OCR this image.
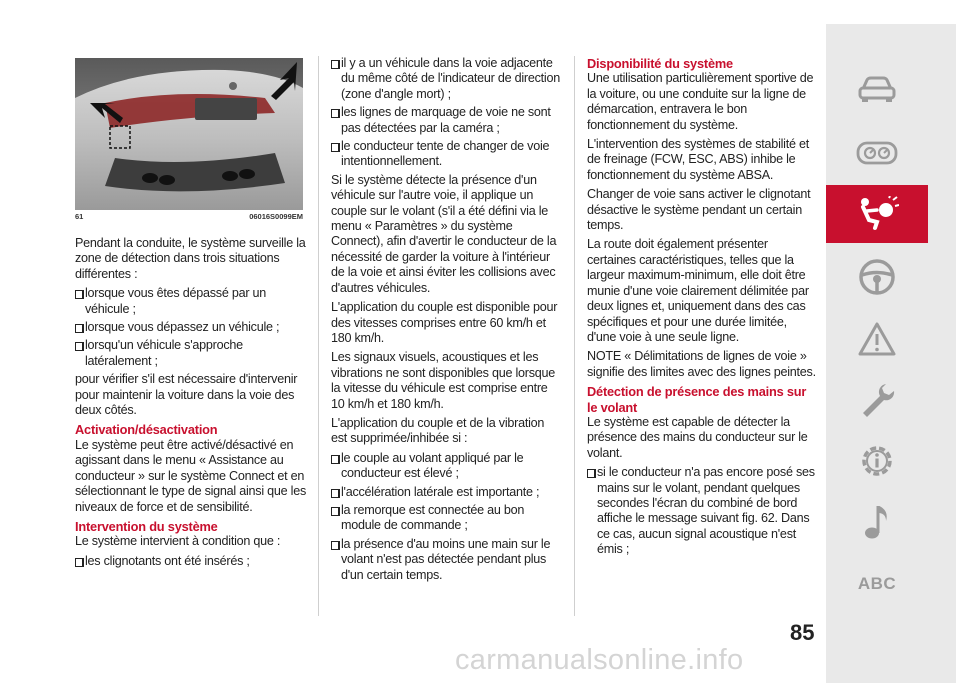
61	06016S0099EM

Pendant la conduite, le système surveille la zone de détection dans trois situations différentes :

lorsque vous êtes dépassé par un véhicule ;
lorsque vous dépassez un véhicule ;
lorsqu'un véhicule s'approche latéralement ;

pour vérifier s'il est nécessaire d'intervenir pour maintenir la voiture dans la voie des deux côtés.

Activation/désactivation

Le système peut être activé/désactivé en agissant dans le menu « Assistance au conducteur » sur le système Connect et en sélectionnant le type de signal ainsi que les niveaux de force et de sensibilité.

Intervention du système

Le système intervient à condition que :

les clignotants ont été insérés ;
il y a un véhicule dans la voie adjacente du même côté de l'indicateur de direction (zone d'angle mort) ;
les lignes de marquage de voie ne sont pas détectées par la caméra ;
le conducteur tente de changer de voie intentionnellement.

Si le système détecte la présence d'un véhicule sur l'autre voie, il applique un couple sur le volant (s'il a été défini via le menu « Paramètres » du système Connect), afin d'avertir le conducteur de la nécessité de garder la voiture à l'intérieur de la voie et ainsi éviter les collisions avec d'autres véhicules.

L'application du couple est disponible pour des vitesses comprises entre 60 km/h et 180 km/h.

Les signaux visuels, acoustiques et les vibrations ne sont disponibles que lorsque la vitesse du véhicule est comprise entre 10 km/h et 180 km/h.

L'application du couple et de la vibration est supprimée/inhibée si :

le couple au volant appliqué par le conducteur est élevé ;
l'accélération latérale est importante ;
la remorque est connectée au bon module de commande ;
la présence d'au moins une main sur le volant n'est pas détectée pendant plus d'un certain temps.
Disponibilité du système

Une utilisation particulièrement sportive de la voiture, ou une conduite sur la ligne de démarcation, entravera le bon fonctionnement du système.

L'intervention des systèmes de stabilité et de freinage (FCW, ESC, ABS) inhibe le fonctionnement du système ABSA.

Changer de voie sans activer le clignotant désactive le système pendant un certain temps.

La route doit également présenter certaines caractéristiques, telles que la largeur maximum-minimum, elle doit être munie d'une voie clairement délimitée par deux lignes et, uniquement dans des cas spécifiques et pour une durée limitée, d'une voie à une seule ligne.

NOTE « Délimitations de lignes de voie » signifie des limites avec des lignes peintes.

Détection de présence des mains sur le volant

Le système est capable de détecter la présence des mains du conducteur sur le volant.

si le conducteur n'a pas encore posé ses mains sur le volant, pendant quelques secondes l'écran du combiné de bord affiche le message suivant fig. 62. Dans ce cas, aucun signal acoustique n'est émis ;
ABC
85
carmanualsonline.info
